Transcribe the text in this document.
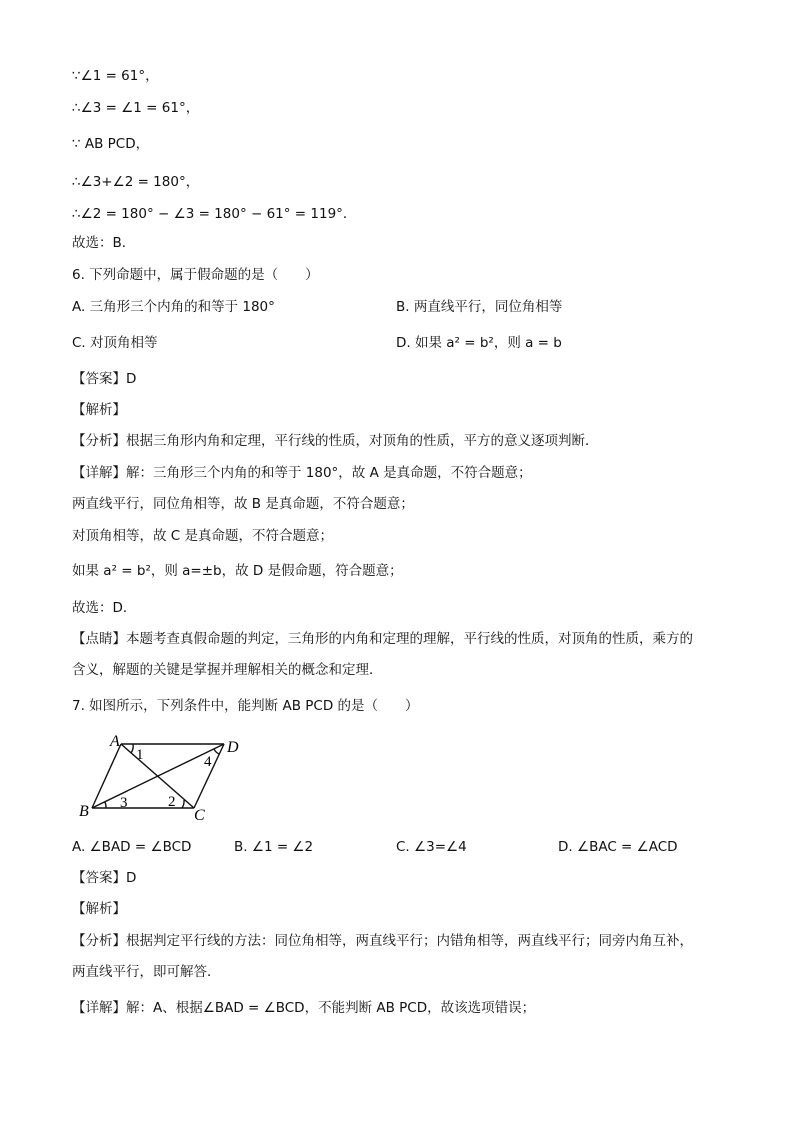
∵∠1 = 61°，
∴∠3 = ∠1 = 61°，
∵ AB PCD，
∴∠3+∠2 = 180°，
∴∠2 = 180° − ∠3 = 180° − 61° = 119°．
故选：B．
6. 下列命题中，属于假命题的是（　　）
A. 三角形三个内角的和等于 180°	B. 两直线平行，同位角相等
C. 对顶角相等	D. 如果 a² = b²，则 a = b
【答案】D
【解析】
【分析】根据三角形内角和定理，平行线的性质，对顶角的性质，平方的意义逐项判断．
【详解】解：三角形三个内角的和等于 180°，故 A 是真命题，不符合题意；
两直线平行，同位角相等，故 B 是真命题，不符合题意；
对顶角相等，故 C 是真命题，不符合题意；
如果 a² = b²，则 a=±b，故 D 是假命题，符合题意；
故选：D．
【点睛】本题考查真假命题的判定，三角形的内角和定理的理解，平行线的性质，对顶角的性质，乘方的
含义，解题的关键是掌握并理解相关的概念和定理．
7. 如图所示，下列条件中，能判断 AB PCD 的是（　　）
A	D
B	C
1
2
3
4
A. ∠BAD = ∠BCD	B. ∠1 = ∠2	C. ∠3=∠4	D. ∠BAC = ∠ACD
【答案】D
【解析】
【分析】根据判定平行线的方法：同位角相等，两直线平行；内错角相等，两直线平行；同旁内角互补，
两直线平行，即可解答．
【详解】解：A、根据∠BAD = ∠BCD，不能判断 AB PCD，故该选项错误；
